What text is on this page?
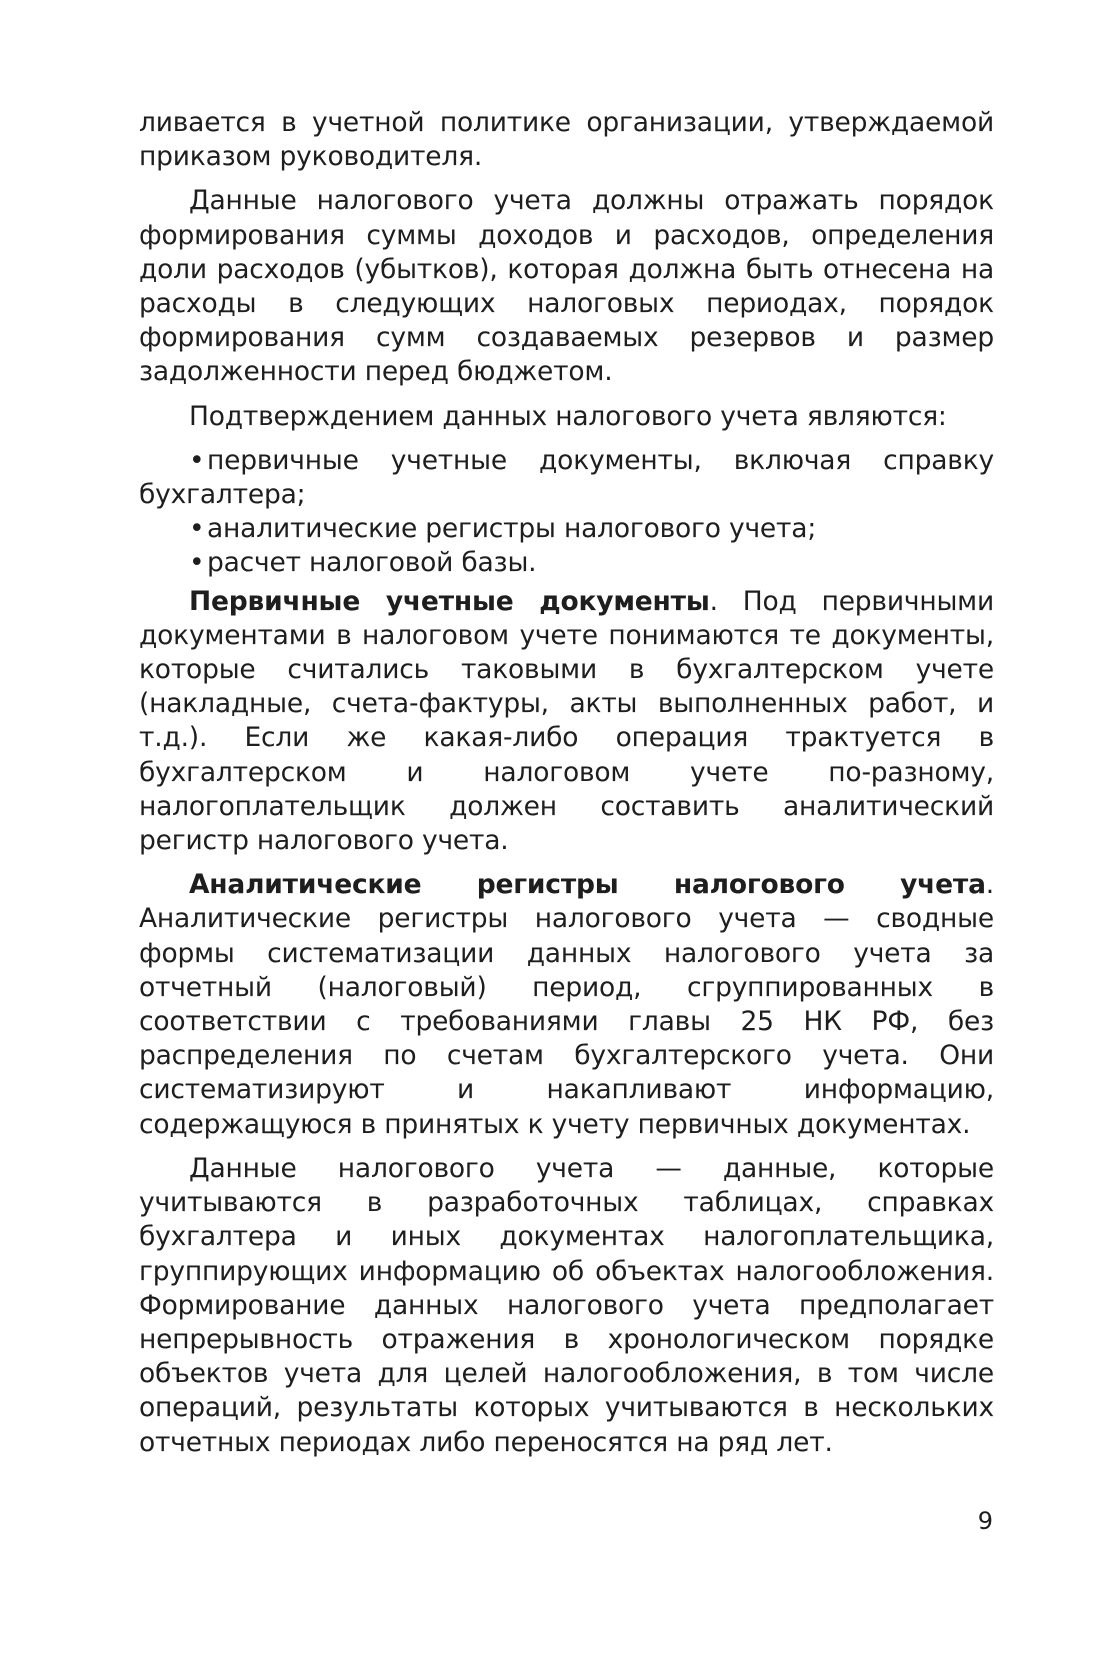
ливается в учетной политике организации, утверждаемой приказом руководителя.

Данные налогового учета должны отражать порядок формирования суммы доходов и расходов, определения доли расходов (убытков), которая должна быть отнесена на расходы в следующих налоговых периодах, порядок формирования сумм создаваемых резервов и размер задолженности перед бюджетом.

Подтверждением данных налогового учета являются:

•первичные учетные документы, включая справку бухгалтера;
•аналитические регистры налогового учета;
•расчет налоговой базы.

Первичные учетные документы. Под первичными документами в налоговом учете понимаются те документы, которые считались таковыми в бухгалтерском учете (накладные, счета-фактуры, акты выполненных работ, и т.д.). Если же какая-либо операция трактуется в бухгалтерском и налоговом учете по-разному, налогоплательщик должен составить аналитический регистр налогового учета.

Аналитические регистры налогового учета. Аналитические регистры налогового учета — сводные формы систематизации данных налогового учета за отчетный (налоговый) период, сгруппированных в соответствии с требованиями главы 25 НК РФ, без распределения по счетам бухгалтерского учета. Они систематизируют и накапливают информацию, содержащуюся в принятых к учету первичных документах.

Данные налогового учета — данные, которые учитываются в разработочных таблицах, справках бухгалтера и иных документах налогоплательщика, группирующих информацию об объектах налогообложения. Формирование данных налогового учета предполагает непрерывность отражения в хронологическом порядке объектов учета для целей налогообложения, в том числе операций, результаты которых учитываются в нескольких отчетных периодах либо переносятся на ряд лет.

9
